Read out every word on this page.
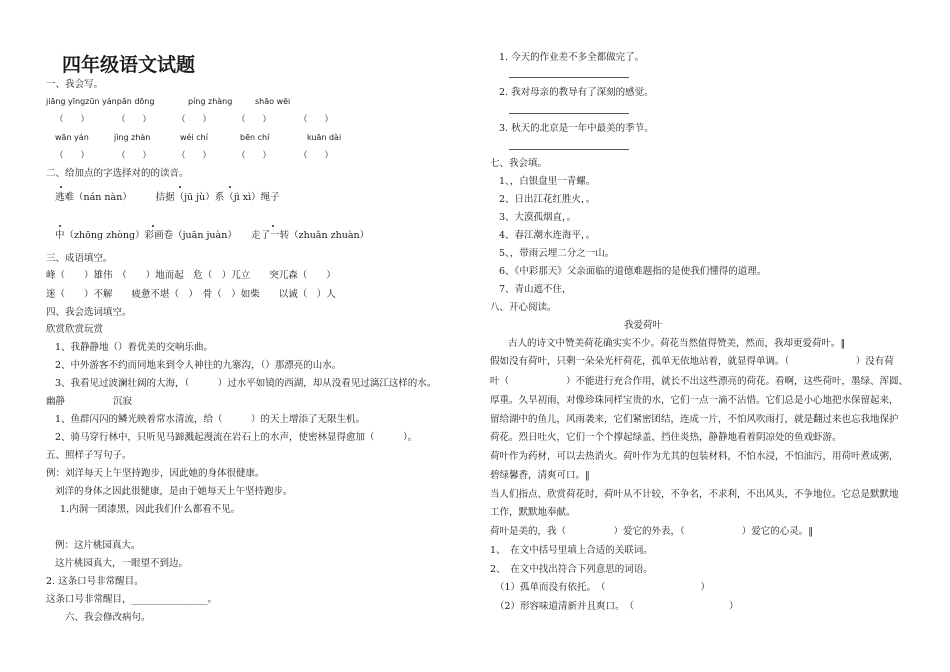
四年级语文试题
一、我会写。
jiāng yīngzūn yánpān dōng	píng zhàng	shāo wēi
（　　）	（　　）	（　　）	（　　）	（　　）
wān yán	jìng zhàn	wéi chí	bēn chí	kuān dài
（　　）	（　　）	（　　）	（　　）	（　　）
二、给加点的字选择对的的读音。
逃难（nán nàn）　　　拮据（jū jù）系（jì xì）绳子
中（zhōng zhòng）彩画卷（juān juàn）　　走了一转（zhuǎn zhuàn）
三、成语填空。
峰（　　）雄伟　（　　）地而起　危（　）兀立　　突兀森（　　）
迷（　　）不解　　疲惫不堪（　）　骨（　）如柴　　以诚（　）人
四、我会选词填空。
欣赏欣赏玩赏
1、我静静地（）着优美的交响乐曲。
2、中外游客不约而同地来到令人神往的九寨沟，（）那漂亮的山水。
3、我看见过波澜壮阔的大海，（　　　）过水平如镜的西湖，却从没看见过漓江这样的水。
幽静	沉寂
1、鱼群闪闪的鳞光映着常水清流，给（　　　）的天上增添了无限生机。
2、骑马穿行林中，只听见马蹄溅起漫流在岩石上的水声，使密林显得愈加（　　　）。
五、照样子写句子。
例：刘洋每天上午坚持跑步，因此她的身体很健康。
刘洋的身体之因此很健康，是由于她每天上午坚持跑步。
1.内洞一团漆黑，因此我们什么都看不见。
例：这片桃园真大。
这片桃园真大，一眼望不到边。
2. 这条口号非常醒目。
这条口号非常醒目，________________。
六、我会修改病句。
1. 今天的作业差不多全都做完了。
2. 我对母亲的教导有了深刻的感觉。
3. 秋天的北京是一年中最美的季节。
七、我会填。
1、，白银盘里一青螺。
2、日出江花红胜火，。
3、大漠孤烟直，。
4、春江潮水连海平，。
5、，带雨云埋二分之一山。
6、《中彩那天》父亲面临的道德难题指的是使我们懂得的道理。
7、青山遮不住，
八、开心阅读。
我爱荷叶
古人的诗文中赞美荷花确实实不少。荷花当然值得赞美，然而，我却更爱荷叶。‖
假如没有荷叶，只剩一朵朵光杆荷花，孤单无依地站着，就显得单调。（　　　　　　　）没有荷
叶（　　　　　　）不能进行充合作用，就长不出这些漂亮的荷花。看啊，这些荷叶，墨绿、浑圆、
厚重。久旱初雨，对像珍珠同样宝贵的水，它们一点一滴不沾惜。它们总是小心地把水保留起来，
留给湖中的鱼儿，风雨袭来，它们紧密团结，连成一片，不怕风吹雨打，就是翻过来也忘我地保护
荷花。烈日吐火，它们一个个撑起绿盖，挡住炎热，静静地看着阴凉处的鱼戏虾游。
荷叶作为药材，可以去热消火。荷叶作为尤其的包装材料，不怕水浸，不怕油污，用荷叶煮成粥，
碧绿馨香，清爽可口。‖
当人们指点、欣赏荷花时，荷叶从不计较，不争名，不求利，不出风头，不争地位。它总是默默地
工作，默默地奉献。
荷叶是美的，我（　　　　　）爱它的外表，（　　　　　　）爱它的心灵。‖
1、　在文中括号里填上合适的关联词。
2、　在文中找出符合下列意思的词语。
（1）孤单而没有依托。　（　　　　　　　　　　）
（2）形容味道清新并且爽口。　（　　　　　　　　　　）
